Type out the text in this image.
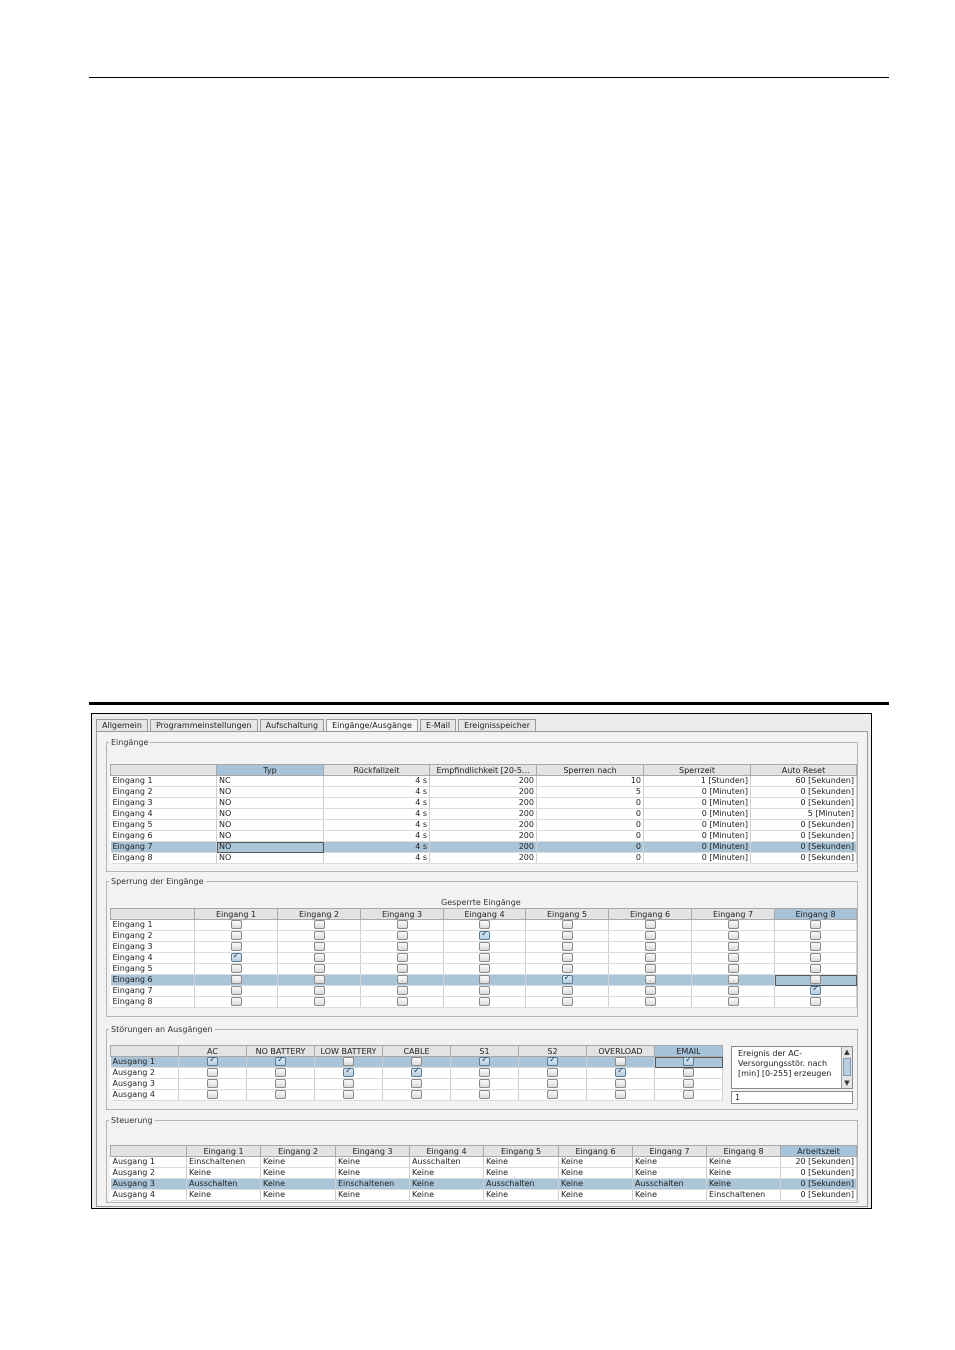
Allgemein	Programmeinstellungen	Aufschaltung	Eingänge/Ausgänge	E-Mail	Ereignisspeicher
Eingänge
	Typ	Rückfallzeit	Empfindlichkeit [20-5...	Sperren nach	Sperrzeit	Auto Reset
Eingang 1	NC	4 s	200	10	1 [Stunden]	60 [Sekunden]
Eingang 2	NO	4 s	200	5	0 [Minuten]	0 [Sekunden]
Eingang 3	NO	4 s	200	0	0 [Minuten]	0 [Sekunden]
Eingang 4	NO	4 s	200	0	0 [Minuten]	5 [Minuten]
Eingang 5	NO	4 s	200	0	0 [Minuten]	0 [Sekunden]
Eingang 6	NO	4 s	200	0	0 [Minuten]	0 [Sekunden]
Eingang 7	NO	4 s	200	0	0 [Minuten]	0 [Sekunden]
Eingang 8	NO	4 s	200	0	0 [Minuten]	0 [Sekunden]
Sperrung der Eingänge
Gesperrte Eingänge
	Eingang 1	Eingang 2	Eingang 3	Eingang 4	Eingang 5	Eingang 6	Eingang 7	Eingang 8
Eingang 1								
Eingang 2				✓				
Eingang 3								
Eingang 4	✓							
Eingang 5								
Eingang 6					✓			
Eingang 7								✓
Eingang 8								
Störungen an Ausgängen
	AC	NO BATTERY	LOW BATTERY	CABLE	S1	S2	OVERLOAD	EMAIL
Ausgang 1	✓	✓			✓	✓		✓
Ausgang 2			✓	✓			✓	
Ausgang 3								
Ausgang 4								
Ereignis der AC-Versorgungsstör. nach [min] [0-255] erzeugen
▲
▼
1
Steuerung
	Eingang 1	Eingang 2	Eingang 3	Eingang 4	Eingang 5	Eingang 6	Eingang 7	Eingang 8	Arbeitszeit
Ausgang 1	Einschaltenen	Keine	Keine	Ausschalten	Keine	Keine	Keine	Keine	20 [Sekunden]
Ausgang 2	Keine	Keine	Keine	Keine	Keine	Keine	Keine	Keine	0 [Sekunden]
Ausgang 3	Ausschalten	Keine	Einschaltenen	Keine	Ausschalten	Keine	Ausschalten	Keine	0 [Sekunden]
Ausgang 4	Keine	Keine	Keine	Keine	Keine	Keine	Keine	Einschaltenen	0 [Sekunden]
